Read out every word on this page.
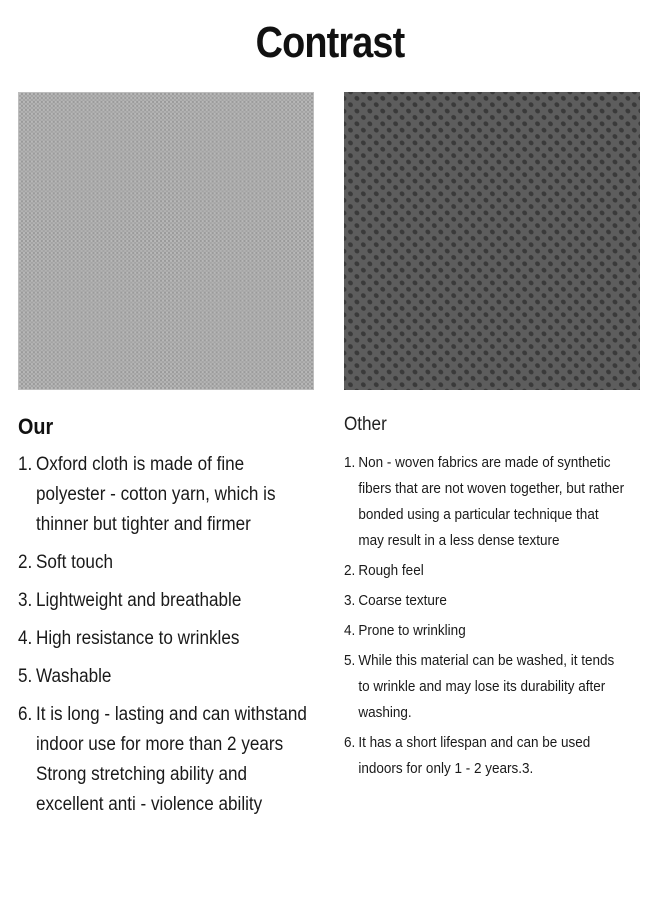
Contrast
Our
1. Oxford cloth is made of fine
polyester - cotton yarn, which is
thinner but tighter and firmer
2. Soft touch
3. Lightweight and breathable
4. High resistance to wrinkles
5. Washable
6. It is long - lasting and can withstand
indoor use for more than 2 years
Strong stretching ability and
excellent anti - violence ability
Other
1. Non - woven fabrics are made of synthetic
fibers that are not woven together, but rather
bonded using a particular technique that
may result in a less dense texture
2. Rough feel
3. Coarse texture
4. Prone to wrinkling
5. While this material can be washed, it tends
to wrinkle and may lose its durability after
washing.
6. It has a short lifespan and can be used
indoors for only 1 - 2 years.3.
